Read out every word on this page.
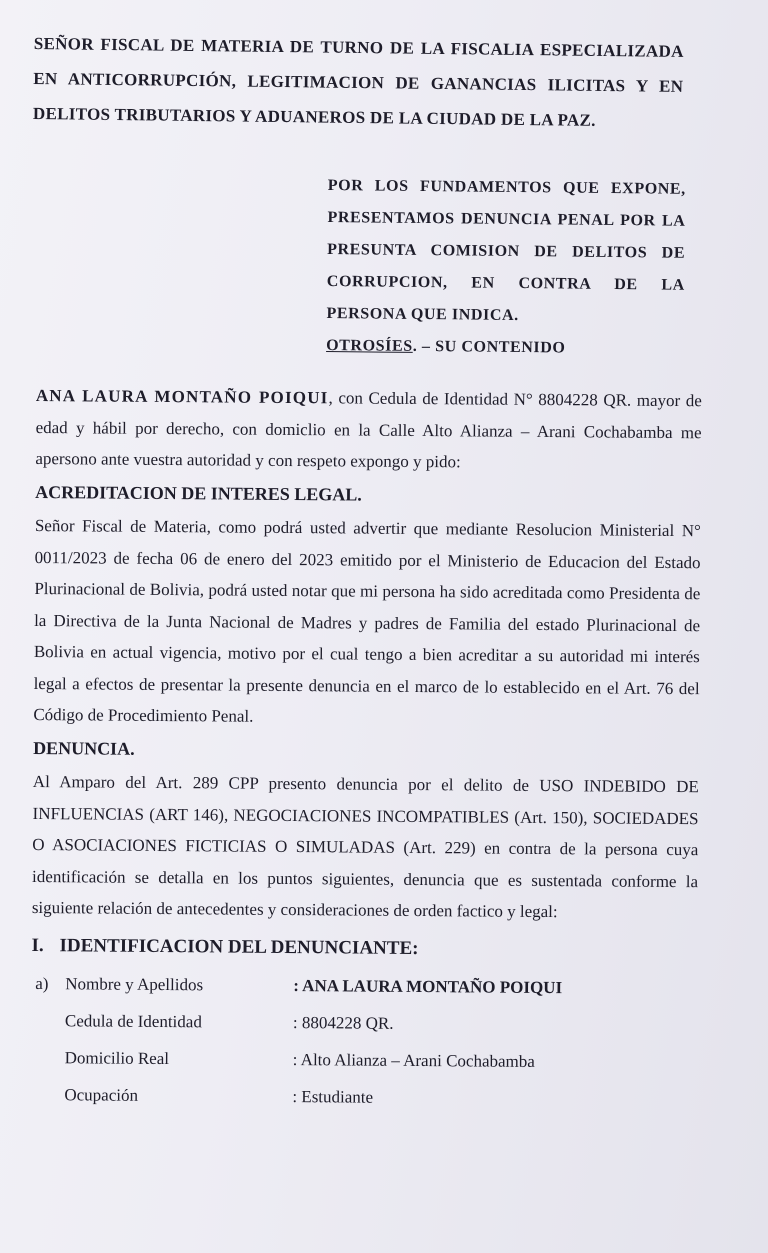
SEÑOR FISCAL DE MATERIA DE TURNO DE LA FISCALIA ESPECIALIZADA EN ANTICORRUPCIÓN, LEGITIMACION DE GANANCIAS ILICITAS Y EN DELITOS TRIBUTARIOS Y ADUANEROS DE LA CIUDAD DE LA PAZ.

POR LOS FUNDAMENTOS QUE EXPONE, PRESENTAMOS DENUNCIA PENAL POR LA PRESUNTA COMISION DE DELITOS DE CORRUPCION, EN CONTRA DE LA PERSONA QUE INDICA.
OTROSÍES. – SU CONTENIDO

ANA LAURA MONTAÑO POIQUI, con Cedula de Identidad N° 8804228 QR. mayor de edad y hábil por derecho, con domiclio en la Calle Alto Alianza – Arani Cochabamba me apersono ante vuestra autoridad y con respeto expongo y pido:

ACREDITACION DE INTERES LEGAL.

Señor Fiscal de Materia, como podrá usted advertir que mediante Resolucion Ministerial N° 0011/2023 de fecha 06 de enero del 2023 emitido por el Ministerio de Educacion del Estado Plurinacional de Bolivia, podrá usted notar que mi persona ha sido acreditada como Presidenta de la Directiva de la Junta Nacional de Madres y padres de Familia del estado Plurinacional de Bolivia en actual vigencia, motivo por el cual tengo a bien acreditar a su autoridad mi interés legal a efectos de presentar la presente denuncia en el marco de lo establecido en el Art. 76 del Código de Procedimiento Penal.

DENUNCIA.

Al Amparo del Art. 289 CPP presento denuncia por el delito de USO INDEBIDO DE INFLUENCIAS (ART 146), NEGOCIACIONES INCOMPATIBLES (Art. 150), SOCIEDADES O ASOCIACIONES FICTICIAS O SIMULADAS (Art. 229) en contra de la persona cuya identificación se detalla en los puntos siguientes, denuncia que es sustentada conforme la siguiente relación de antecedentes y consideraciones de orden factico y legal:

I. IDENTIFICACION DEL DENUNCIANTE:

a) Nombre y Apellidos	: ANA LAURA MONTAÑO POIQUI
Cedula de Identidad	: 8804228 QR.
Domicilio Real	: Alto Alianza – Arani Cochabamba
Ocupación	: Estudiante
